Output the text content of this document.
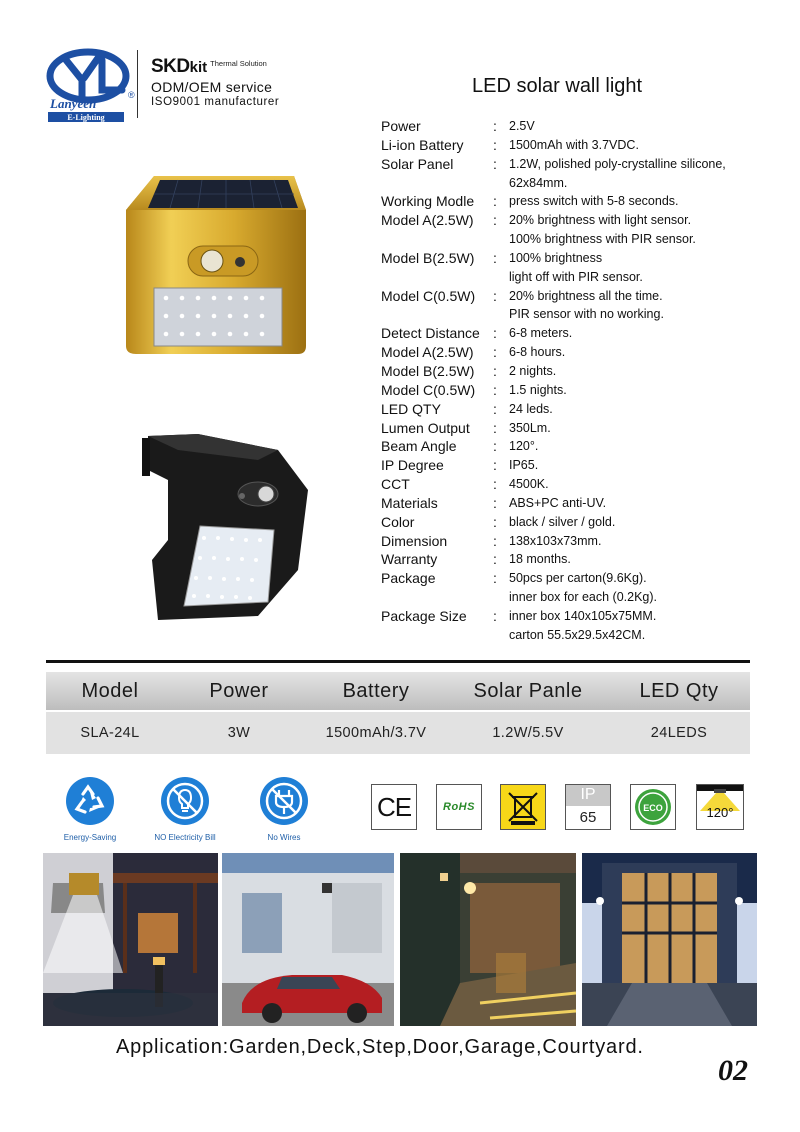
Lanyeeh
E-Lighting
®
SKDkit $^{Thermal Solution}$
ODM/OEM service
ISO9001 manufacturer
LED solar wall light
Power	: 2.5V
Li-ion Battery	: 1500mAh with 3.7VDC.
Solar Panel	: 1.2W, polished poly-crystalline silicone,
62x84mm.
Working Modle	: press switch with 5-8 seconds.
Model A(2.5W)	: 20% brightness with light sensor.
100% brightness with PIR sensor.
Model B(2.5W)	: 100% brightness
light off with PIR sensor.
Model C(0.5W)	: 20% brightness all the time.
PIR sensor with no working.
Detect Distance : 6-8 meters.
Model A(2.5W)	: 6-8 hours.
Model B(2.5W)	: 2 nights.
Model C(0.5W)	: 1.5 nights.
LED QTY	: 24 leds.
Lumen Output	: 350Lm.
Beam Angle	: 120°.
IP Degree	: IP65.
CCT	: 4500K.
Materials	: ABS+PC anti-UV.
Color	: black / silver / gold.
Dimension	: 138x103x73mm.
Warranty	: 18 months.
Package	: 50pcs per carton(9.6Kg).
inner box for each (0.2Kg).
Package Size	: inner box 140x105x75MM.
carton 55.5x29.5x42CM.
Model	Power	Battery	Solar Panle	LED Qty
SLA-24L	3W	1500mAh/3.7V	1.2W/5.5V	24LEDS
Energy-Saving	NO Electricity Bill	No Wires
CE	RoHS
IP
65
ECO	120°
Application:Garden,Deck,Step,Door,Garage,Courtyard.
02
